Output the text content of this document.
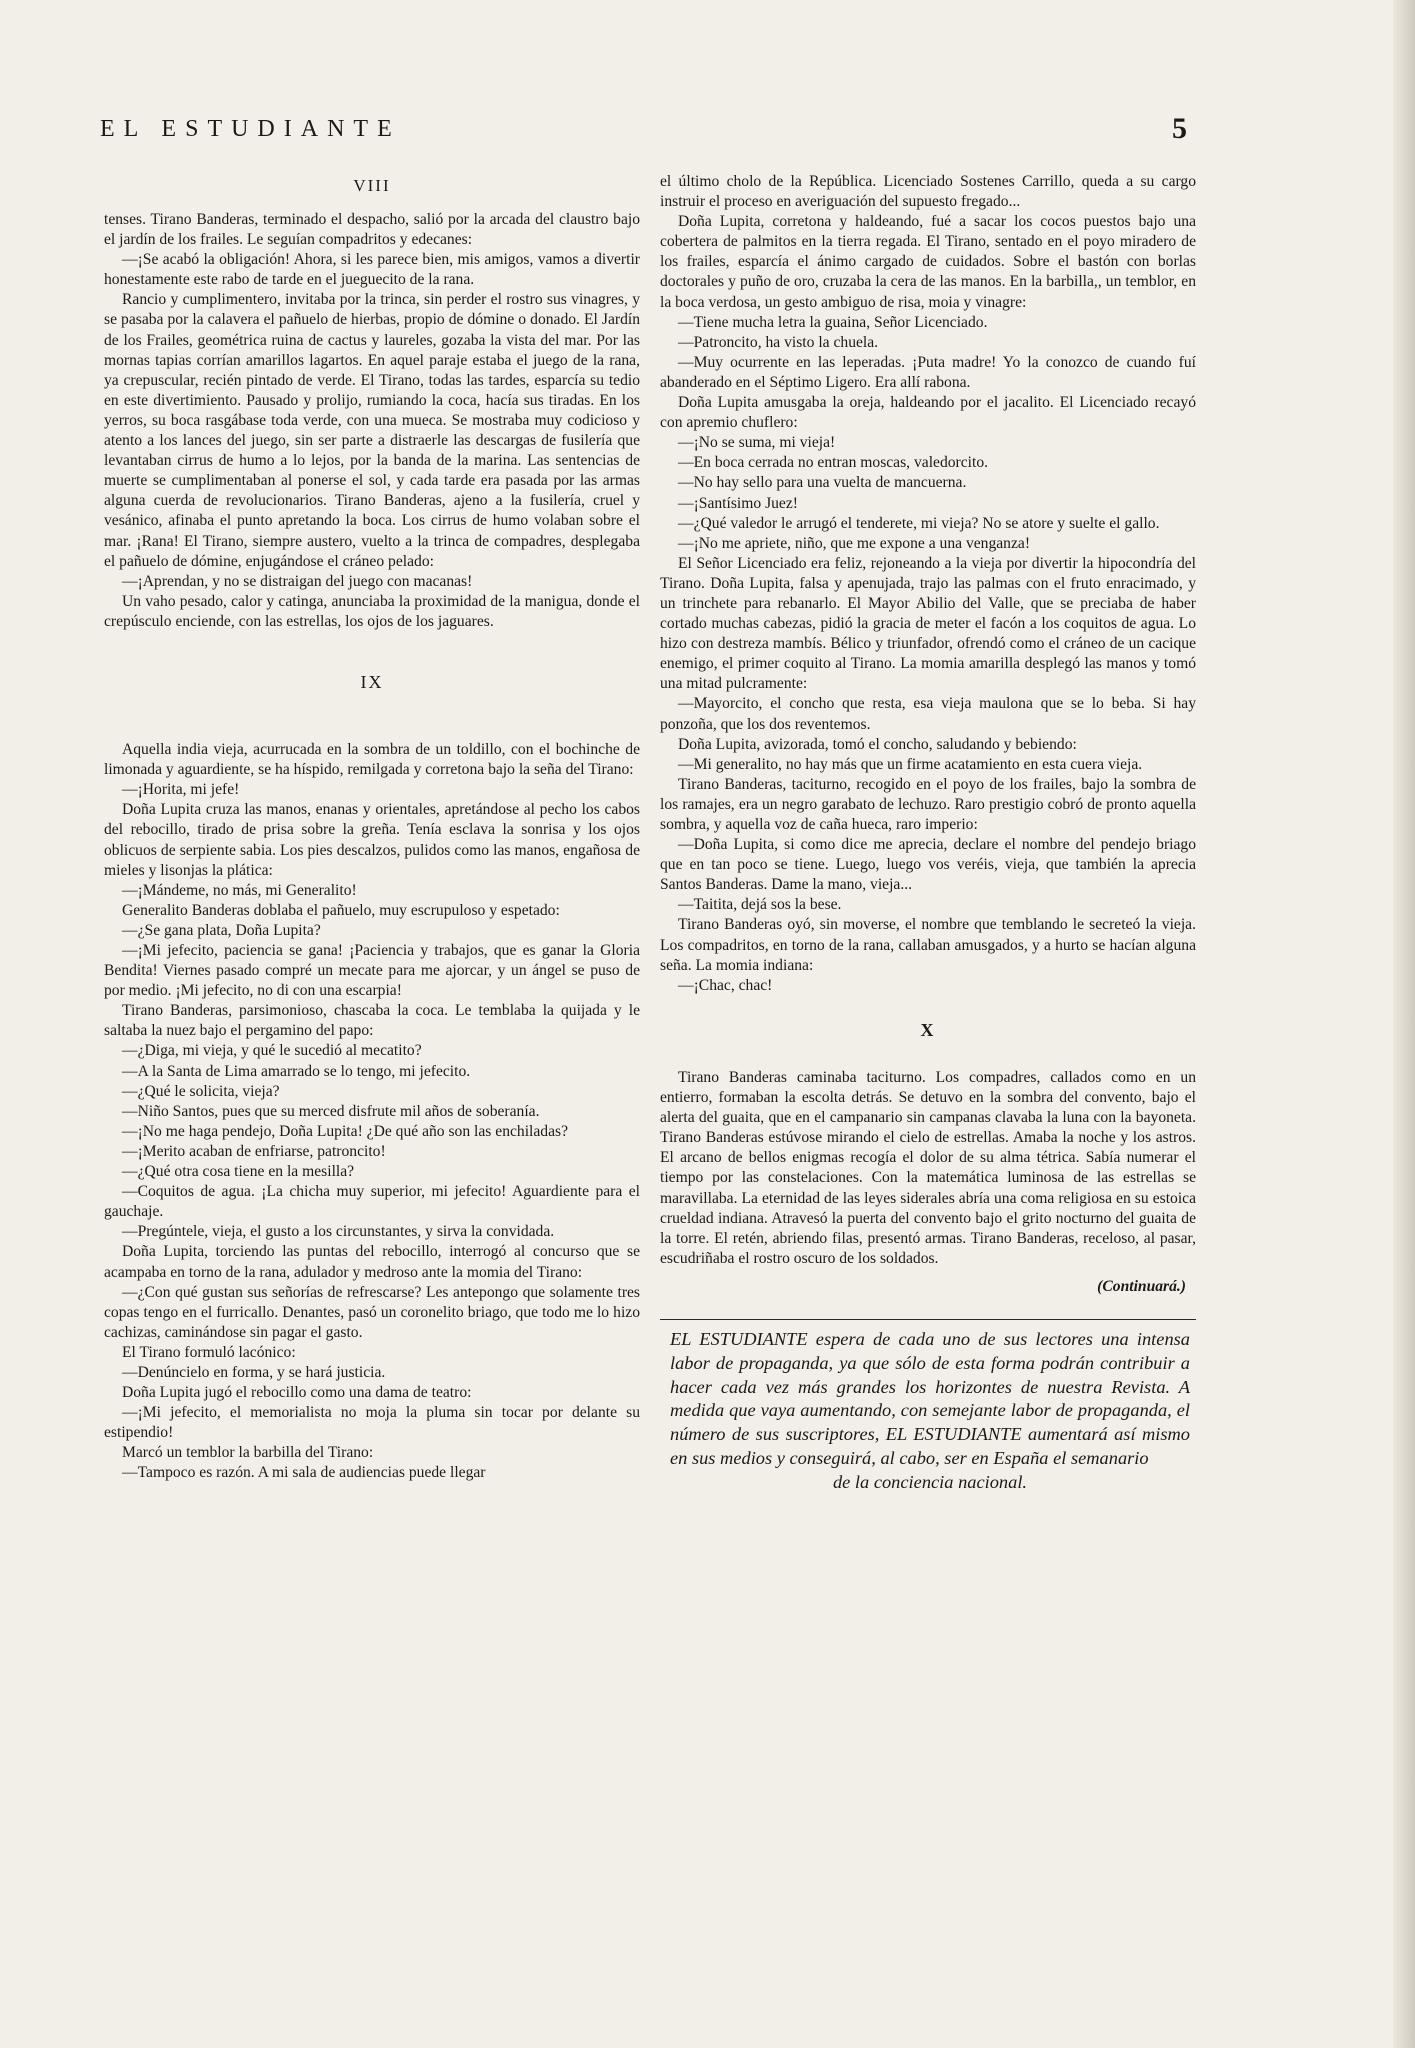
EL ESTUDIANTE	5
VIII

tenses. Tirano Banderas, terminado el despacho, salió por la arcada del claustro bajo el jardín de los frailes. Le seguían compadritos y edecanes:

—¡Se acabó la obligación! Ahora, si les parece bien, mis amigos, vamos a divertir honestamente este rabo de tarde en el jueguecito de la rana.

Rancio y cumplimentero, invitaba por la trinca, sin perder el rostro sus vinagres, y se pasaba por la calavera el pañuelo de hierbas, propio de dómine o donado. El Jardín de los Frailes, geométrica ruina de cactus y laureles, gozaba la vista del mar. Por las mornas tapias corrían amarillos lagartos. En aquel paraje estaba el juego de la rana, ya crepuscular, recién pintado de verde. El Tirano, todas las tardes, esparcía su tedio en este divertimiento. Pausado y prolijo, rumiando la coca, hacía sus tiradas. En los yerros, su boca rasgábase toda verde, con una mueca. Se mostraba muy codicioso y atento a los lances del juego, sin ser parte a distraerle las descargas de fusilería que levantaban cirrus de humo a lo lejos, por la banda de la marina. Las sentencias de muerte se cumplimentaban al ponerse el sol, y cada tarde era pasada por las armas alguna cuerda de revolucionarios. Tirano Banderas, ajeno a la fusilería, cruel y vesánico, afinaba el punto apretando la boca. Los cirrus de humo volaban sobre el mar. ¡Rana! El Tirano, siempre austero, vuelto a la trinca de compadres, desplegaba el pañuelo de dómine, enjugándose el cráneo pelado:

—¡Aprendan, y no se distraigan del juego con macanas!

Un vaho pesado, calor y catinga, anunciaba la proximidad de la manigua, donde el crepúsculo enciende, con las estrellas, los ojos de los jaguares.

IX

Aquella india vieja, acurrucada en la sombra de un toldillo, con el bochinche de limonada y aguardiente, se ha híspido, remilgada y corretona bajo la seña del Tirano:

—¡Horita, mi jefe!

Doña Lupita cruza las manos, enanas y orientales, apretándose al pecho los cabos del rebocillo, tirado de prisa sobre la greña. Tenía esclava la sonrisa y los ojos oblicuos de serpiente sabia. Los pies descalzos, pulidos como las manos, engañosa de mieles y lisonjas la plática:

—¡Mándeme, no más, mi Generalito!

Generalito Banderas doblaba el pañuelo, muy escrupuloso y espetado:

—¿Se gana plata, Doña Lupita?

—¡Mi jefecito, paciencia se gana! ¡Paciencia y trabajos, que es ganar la Gloria Bendita! Viernes pasado compré un mecate para me ajorcar, y un ángel se puso de por medio. ¡Mi jefecito, no di con una escarpia!

Tirano Banderas, parsimonioso, chascaba la coca. Le temblaba la quijada y le saltaba la nuez bajo el pergamino del papo:

—¿Diga, mi vieja, y qué le sucedió al mecatito?

—A la Santa de Lima amarrado se lo tengo, mi jefecito.

—¿Qué le solicita, vieja?

—Niño Santos, pues que su merced disfrute mil años de soberanía.

—¡No me haga pendejo, Doña Lupita! ¿De qué año son las enchiladas?

—¡Merito acaban de enfriarse, patroncito!

—¿Qué otra cosa tiene en la mesilla?

—Coquitos de agua. ¡La chicha muy superior, mi jefecito! Aguardiente para el gauchaje.

—Pregúntele, vieja, el gusto a los circunstantes, y sirva la convidada.

Doña Lupita, torciendo las puntas del rebocillo, interrogó al concurso que se acampaba en torno de la rana, adulador y medroso ante la momia del Tirano:

—¿Con qué gustan sus señorías de refrescarse? Les antepongo que solamente tres copas tengo en el furricallo. Denantes, pasó un coronelito briago, que todo me lo hizo cachizas, caminándose sin pagar el gasto.

El Tirano formuló lacónico:

—Denúncielo en forma, y se hará justicia.

Doña Lupita jugó el rebocillo como una dama de teatro:

—¡Mi jefecito, el memorialista no moja la pluma sin tocar por delante su estipendio!

Marcó un temblor la barbilla del Tirano:

—Tampoco es razón. A mi sala de audiencias puede llegar

el último cholo de la República. Licenciado Sostenes Carrillo, queda a su cargo instruir el proceso en averiguación del supuesto fregado...

Doña Lupita, corretona y haldeando, fué a sacar los cocos puestos bajo una cobertera de palmitos en la tierra regada. El Tirano, sentado en el poyo miradero de los frailes, esparcía el ánimo cargado de cuidados. Sobre el bastón con borlas doctorales y puño de oro, cruzaba la cera de las manos. En la barbilla,, un temblor, en la boca verdosa, un gesto ambiguo de risa, moia y vinagre:

—Tiene mucha letra la guaina, Señor Licenciado.

—Patroncito, ha visto la chuela.

—Muy ocurrente en las leperadas. ¡Puta madre! Yo la conozco de cuando fuí abanderado en el Séptimo Ligero. Era allí rabona.

Doña Lupita amusgaba la oreja, haldeando por el jacalito. El Licenciado recayó con apremio chuflero:

—¡No se suma, mi vieja!

—En boca cerrada no entran moscas, valedorcito.

—No hay sello para una vuelta de mancuerna.

—¡Santísimo Juez!

—¿Qué valedor le arrugó el tenderete, mi vieja? No se atore y suelte el gallo.

—¡No me apriete, niño, que me expone a una venganza!

El Señor Licenciado era feliz, rejoneando a la vieja por divertir la hipocondría del Tirano. Doña Lupita, falsa y apenujada, trajo las palmas con el fruto enracimado, y un trinchete para rebanarlo. El Mayor Abilio del Valle, que se preciaba de haber cortado muchas cabezas, pidió la gracia de meter el facón a los coquitos de agua. Lo hizo con destreza mambís. Bélico y triunfador, ofrendó como el cráneo de un cacique enemigo, el primer coquito al Tirano. La momia amarilla desplegó las manos y tomó una mitad pulcramente:

—Mayorcito, el concho que resta, esa vieja maulona que se lo beba. Si hay ponzoña, que los dos reventemos.

Doña Lupita, avizorada, tomó el concho, saludando y bebiendo:

—Mi generalito, no hay más que un firme acatamiento en esta cuera vieja.

Tirano Banderas, taciturno, recogido en el poyo de los frailes, bajo la sombra de los ramajes, era un negro garabato de lechuzo. Raro prestigio cobró de pronto aquella sombra, y aquella voz de caña hueca, raro imperio:

—Doña Lupita, si como dice me aprecia, declare el nombre del pendejo briago que en tan poco se tiene. Luego, luego vos veréis, vieja, que también la aprecia Santos Banderas. Dame la mano, vieja...

—Taitita, dejá sos la bese.

Tirano Banderas oyó, sin moverse, el nombre que temblando le secreteó la vieja. Los compadritos, en torno de la rana, callaban amusgados, y a hurto se hacían alguna seña. La momia indiana:

—¡Chac, chac!

X

Tirano Banderas caminaba taciturno. Los compadres, callados como en un entierro, formaban la escolta detrás. Se detuvo en la sombra del convento, bajo el alerta del guaita, que en el campanario sin campanas clavaba la luna con la bayoneta. Tirano Banderas estúvose mirando el cielo de estrellas. Amaba la noche y los astros. El arcano de bellos enigmas recogía el dolor de su alma tétrica. Sabía numerar el tiempo por las constelaciones. Con la matemática luminosa de las estrellas se maravillaba. La eternidad de las leyes siderales abría una coma religiosa en su estoica crueldad indiana. Atravesó la puerta del convento bajo el grito nocturno del guaita de la torre. El retén, abriendo filas, presentó armas. Tirano Banderas, receloso, al pasar, escudriñaba el rostro oscuro de los soldados.

(Continuará.)

EL ESTUDIANTE espera de cada uno de sus lectores una intensa labor de propaganda, ya que sólo de esta forma podrán contribuir a hacer cada vez más grandes los horizontes de nuestra Revista. A medida que vaya aumentando, con semejante labor de propaganda, el número de sus suscriptores, EL ESTUDIANTE aumentará así mismo en sus medios y conseguirá, al cabo, ser en España el semanario

de la conciencia nacional.
